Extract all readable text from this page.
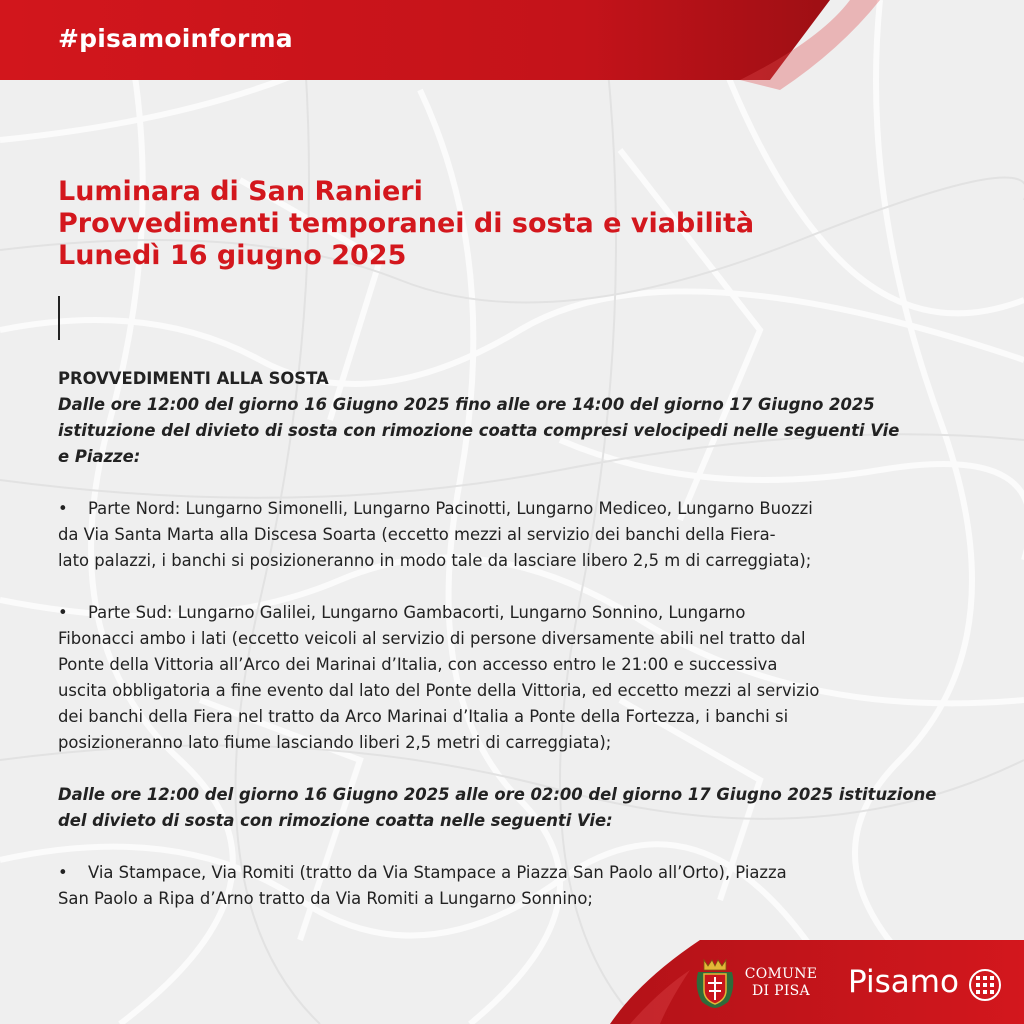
#pisamoinforma
Luminara di San Ranieri
Provvedimenti temporanei di sosta e viabilità
Lunedì 16 giugno 2025

PROVVEDIMENTI ALLA SOSTA

Dalle ore 12:00 del giorno 16 Giugno 2025 fino alle ore 14:00 del giorno 17 Giugno 2025
istituzione del divieto di sosta con rimozione coatta compresi velocipedi nelle seguenti Vie
e Piazze:
• Parte Nord: Lungarno Simonelli, Lungarno Pacinotti, Lungarno Mediceo, Lungarno Buozzi
da Via Santa Marta alla Discesa Soarta (eccetto mezzi al servizio dei banchi della Fiera-
lato palazzi, i banchi si posizioneranno in modo tale da lasciare libero 2,5 m di carreggiata);
• Parte Sud: Lungarno Galilei, Lungarno Gambacorti, Lungarno Sonnino, Lungarno
Fibonacci ambo i lati (eccetto veicoli al servizio di persone diversamente abili nel tratto dal
Ponte della Vittoria all’Arco dei Marinai d’Italia, con accesso entro le 21:00 e successiva
uscita obbligatoria a fine evento dal lato del Ponte della Vittoria, ed eccetto mezzi al servizio
dei banchi della Fiera nel tratto da Arco Marinai d’Italia a Ponte della Fortezza, i banchi si
posizioneranno lato fiume lasciando liberi 2,5 metri di carreggiata);
Dalle ore 12:00 del giorno 16 Giugno 2025 alle ore 02:00 del giorno 17 Giugno 2025 istituzione
del divieto di sosta con rimozione coatta nelle seguenti Vie:
• Via Stampace, Via Romiti (tratto da Via Stampace a Piazza San Paolo all’Orto), Piazza
San Paolo a Ripa d’Arno tratto da Via Romiti a Lungarno Sonnino;
COMUNE
DI PISA	Pisamo
